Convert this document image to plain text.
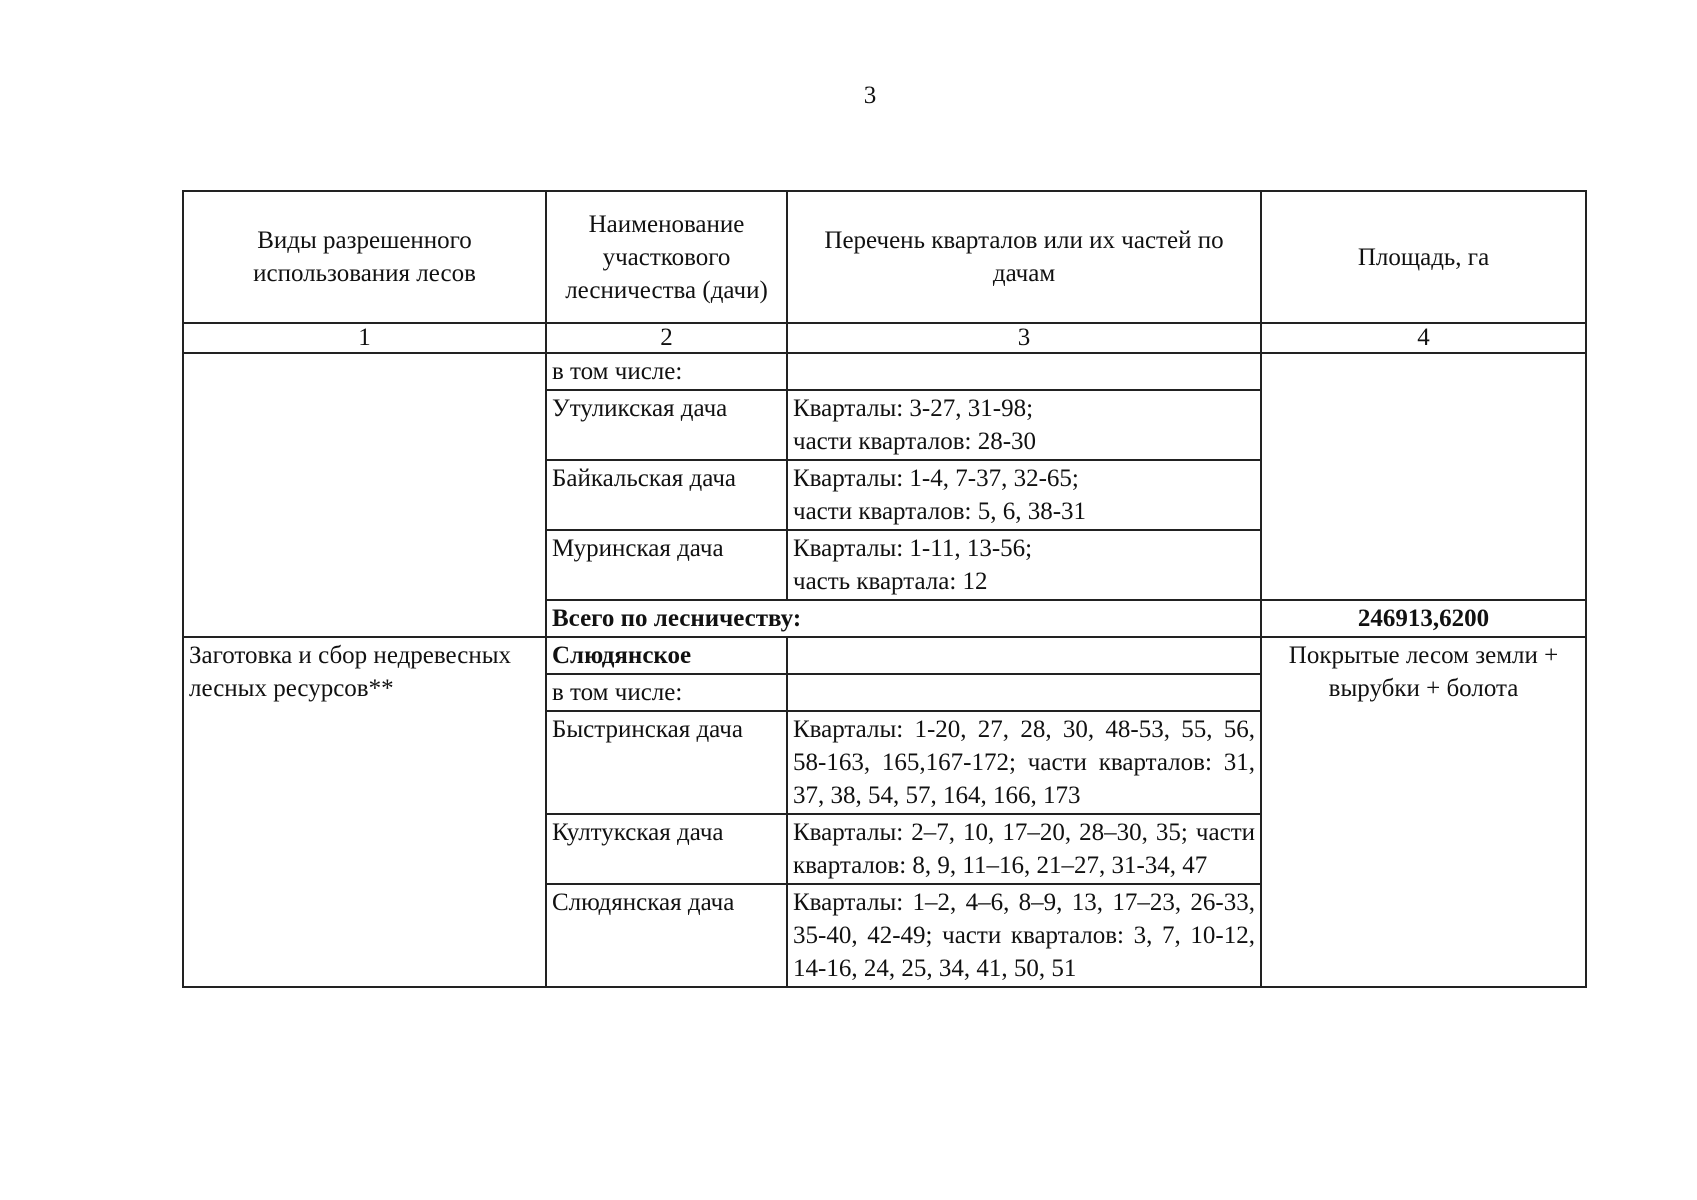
3
Виды разрешенного использования лесов	Наименование участкового лесничества (дачи)	Перечень кварталов или их частей по дачам	Площадь, га
1	2	3	4
	в том числе:		
	Утуликская дача	Кварталы: 3-27, 31-98;
части кварталов: 28-30	

	Байкальская дача	Кварталы: 1-4, 7-37, 32-65;
части кварталов: 5, 6, 38-31	

	Муринская дача	Кварталы: 1-11, 13-56;
часть квартала: 12	

	Всего по лесничеству:		246913,6200
Заготовка и сбор недревесных лесных ресурсов**	Слюдянское		Покрытые лесом земли + вырубки + болота
	в том числе:		
	Быстринская дача	Кварталы: 1-20, 27, 28, 30, 48-53, 55, 56, 58-163, 165,167-172; части кварталов: 31, 37, 38, 54, 57, 164, 166, 173	
	Култукская дача	Кварталы: 2–7, 10, 17–20, 28–30, 35; части кварталов: 8, 9, 11–16, 21–27, 31-34, 47	
	Слюдянская дача	Кварталы: 1–2, 4–6, 8–9, 13, 17–23, 26-33, 35-40, 42-49; части кварталов: 3, 7, 10-12, 14-16, 24, 25, 34, 41, 50, 51	
